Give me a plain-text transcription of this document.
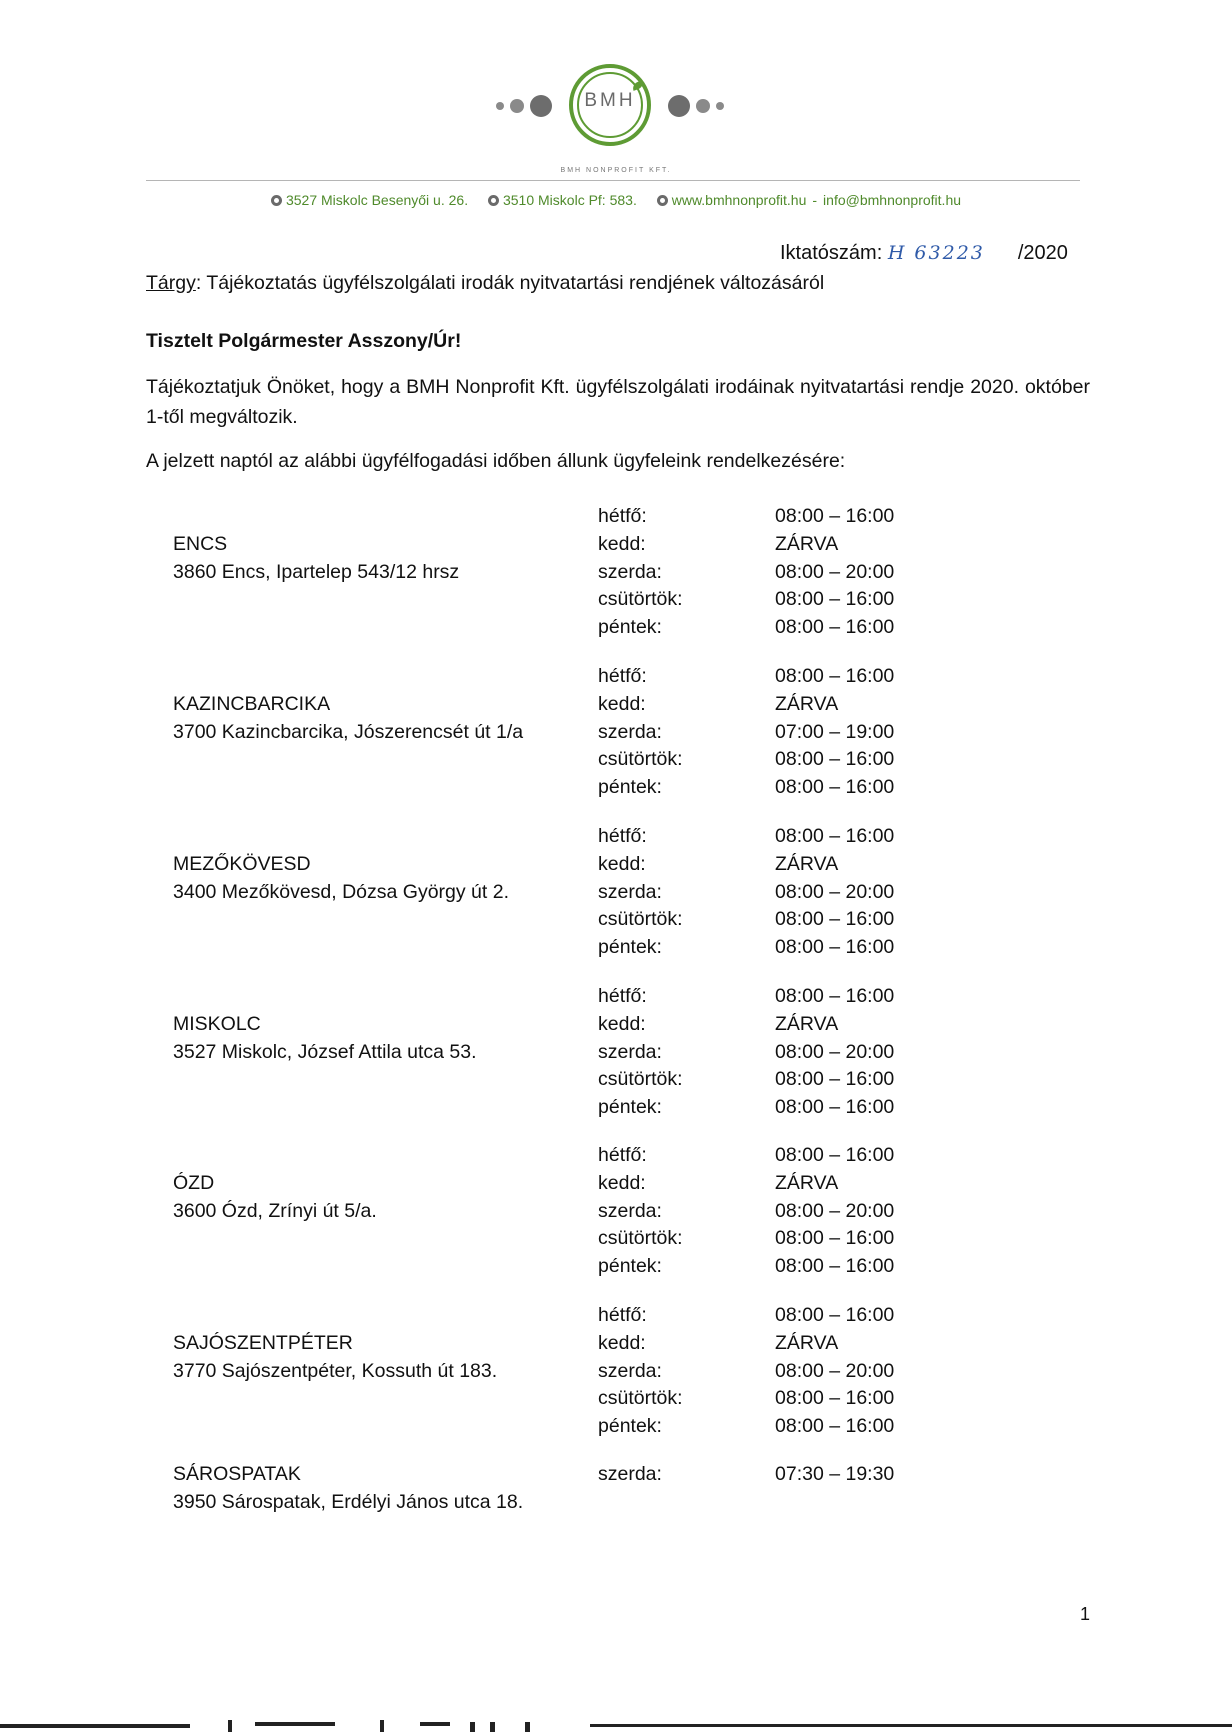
BMH
BMH NONPROFIT KFT.
3527 Miskolc Besenyői u. 26. 3510 Miskolc Pf: 583. www.bmhnonprofit.hu - info@bmhnonprofit.hu
Iktatószám: H 63223 /2020
Tárgy: Tájékoztatás ügyfélszolgálati irodák nyitvatartási rendjének változásáról
Tisztelt Polgármester Asszony/Úr!
Tájékoztatjuk Önöket, hogy a BMH Nonprofit Kft. ügyfélszolgálati irodáinak nyitvatartási rendje 2020. október 1-től megváltozik.
A jelzett naptól az alábbi ügyfélfogadási időben állunk ügyfeleink rendelkezésére:
ENCS
3860 Encs, Ipartelep 543/12 hrsz
hétfő:	08:00 – 16:00
kedd:	ZÁRVA
szerda:	08:00 – 20:00
csütörtök:	08:00 – 16:00
péntek:	08:00 – 16:00
KAZINCBARCIKA
3700 Kazincbarcika, Jószerencsét út 1/a
hétfő:	08:00 – 16:00
kedd:	ZÁRVA
szerda:	07:00 – 19:00
csütörtök:	08:00 – 16:00
péntek:	08:00 – 16:00
MEZŐKÖVESD
3400 Mezőkövesd, Dózsa György út 2.
hétfő:	08:00 – 16:00
kedd:	ZÁRVA
szerda:	08:00 – 20:00
csütörtök:	08:00 – 16:00
péntek:	08:00 – 16:00
MISKOLC
3527 Miskolc, József Attila utca 53.
hétfő:	08:00 – 16:00
kedd:	ZÁRVA
szerda:	08:00 – 20:00
csütörtök:	08:00 – 16:00
péntek:	08:00 – 16:00
ÓZD
3600 Ózd, Zrínyi út 5/a.
hétfő:	08:00 – 16:00
kedd:	ZÁRVA
szerda:	08:00 – 20:00
csütörtök:	08:00 – 16:00
péntek:	08:00 – 16:00
SAJÓSZENTPÉTER
3770 Sajószentpéter, Kossuth út 183.
hétfő:	08:00 – 16:00
kedd:	ZÁRVA
szerda:	08:00 – 20:00
csütörtök:	08:00 – 16:00
péntek:	08:00 – 16:00
SÁROSPATAK
3950 Sárospatak, Erdélyi János utca 18.
szerda:	07:30 – 19:30
1
